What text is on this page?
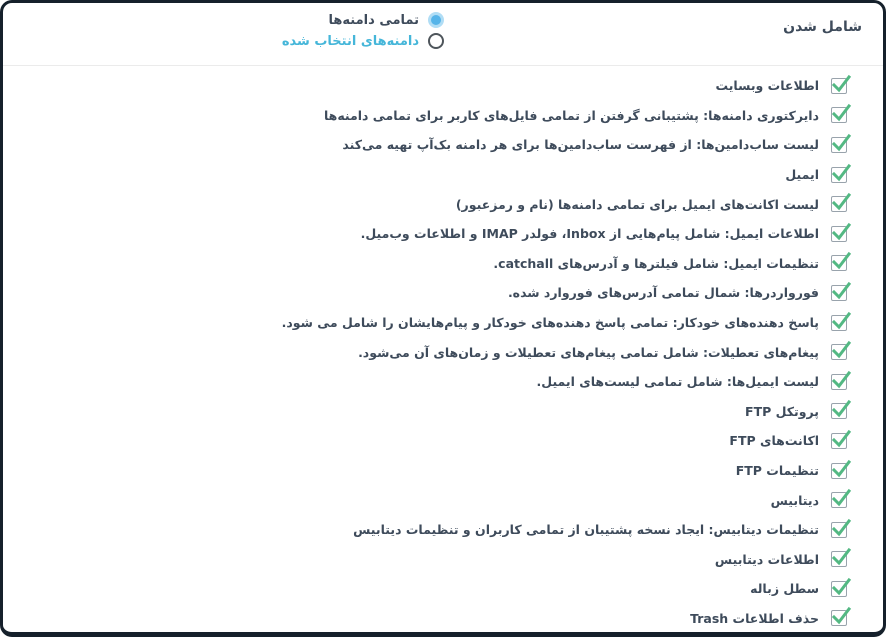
شامل شدن
تمامی دامنه‌ها
دامنه‌های انتخاب شده
اطلاعات وبسایت
دایرکتوری دامنه‌ها: پشتیبانی گرفتن از تمامی فایل‌های کاربر برای تمامی دامنه‌ها
لیست ساب‌دامین‌ها: از فهرست ساب‌دامین‌ها برای هر دامنه بک‌آپ تهیه می‌کند
ایمیل
لیست اکانت‌های ایمیل برای تمامی دامنه‌ها (نام و رمزعبور)
اطلاعات ایمیل: شامل پیام‌هایی از Inbox، فولدر IMAP و اطلاعات وب‌میل.
تنظیمات ایمیل: شامل فیلترها و آدرس‌های catchall.
فورواردرها: شمال تمامی آدرس‌های فوروارد شده.
پاسخ دهنده‌های خودکار: تمامی پاسخ دهنده‌های خودکار و پیام‌هایشان را شامل می شود.
پیغام‌های تعطیلات: شامل تمامی پیغام‌های تعطیلات و زمان‌های آن می‌شود.
لیست ایمیل‌ها: شامل تمامی لیست‌های ایمیل.
پروتکل FTP
اکانت‌های FTP
تنظیمات FTP
دیتابیس
تنظیمات دیتابیس: ایجاد نسخه پشتیبان از تمامی کاربران و تنظیمات دیتابیس
اطلاعات دیتابیس
سطل زباله
حذف اطلاعات Trash
